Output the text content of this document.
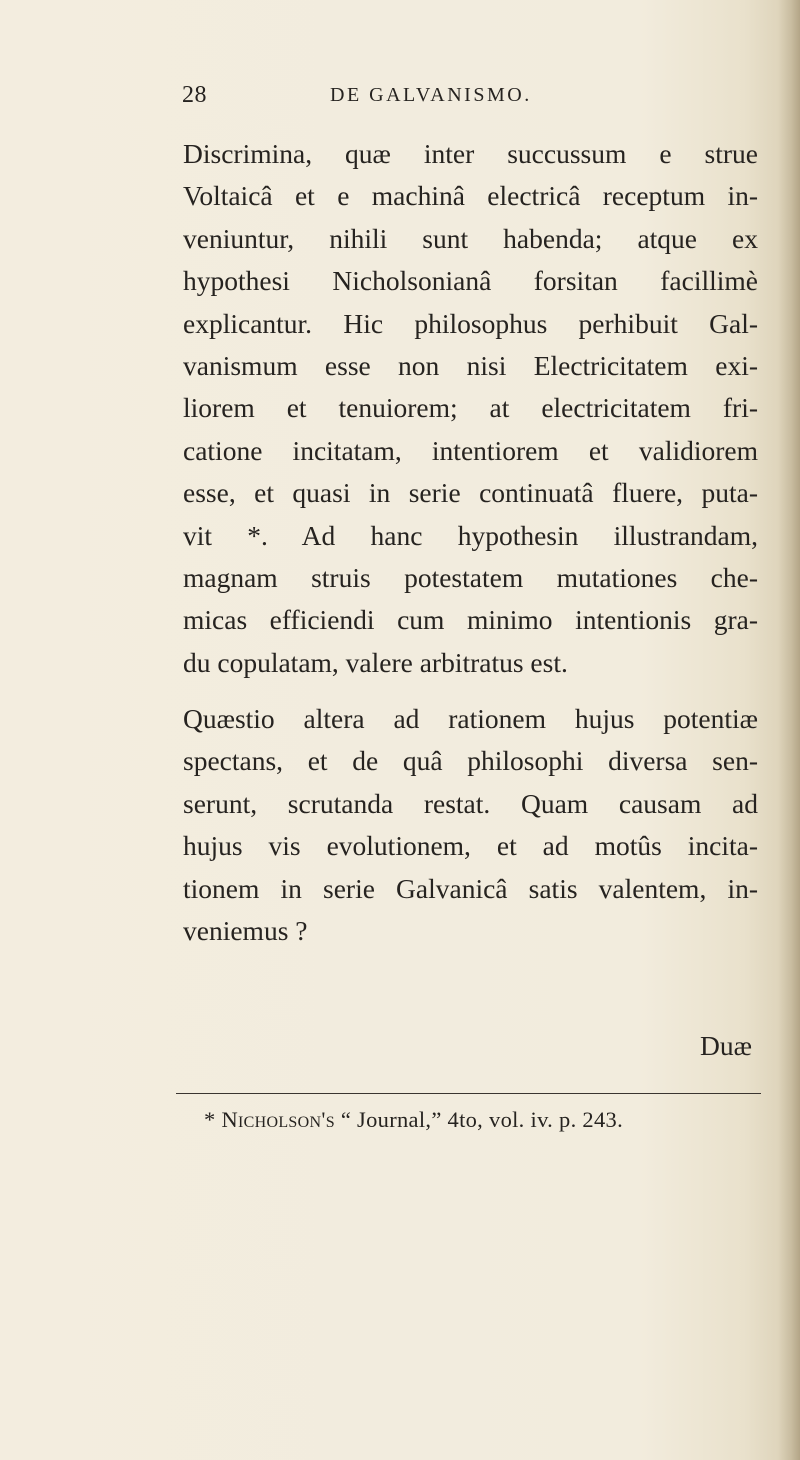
28	DE GALVANISMO.
Discrimina, quæ inter succussum e strue
Voltaicâ et e machinâ electricâ receptum in-
veniuntur, nihili sunt habenda; atque ex
hypothesi Nicholsonianâ forsitan facillimè
explicantur. Hic philosophus perhibuit Gal-
vanismum esse non nisi Electricitatem exi-
liorem et tenuiorem; at electricitatem fri-
catione incitatam, intentiorem et validiorem
esse, et quasi in serie continuatâ fluere, puta-
vit *. Ad hanc hypothesin illustrandam,
magnam struis potestatem mutationes che-
micas efficiendi cum minimo intentionis gra-
du copulatam, valere arbitratus est.
Quæstio altera ad rationem hujus potentiæ
spectans, et de quâ philosophi diversa sen-
serunt, scrutanda restat. Quam causam ad
hujus vis evolutionem, et ad motûs incita-
tionem in serie Galvanicâ satis valentem, in-
veniemus ?
Duæ
* Nicholson's “ Journal,” 4to, vol. iv. p. 243.
